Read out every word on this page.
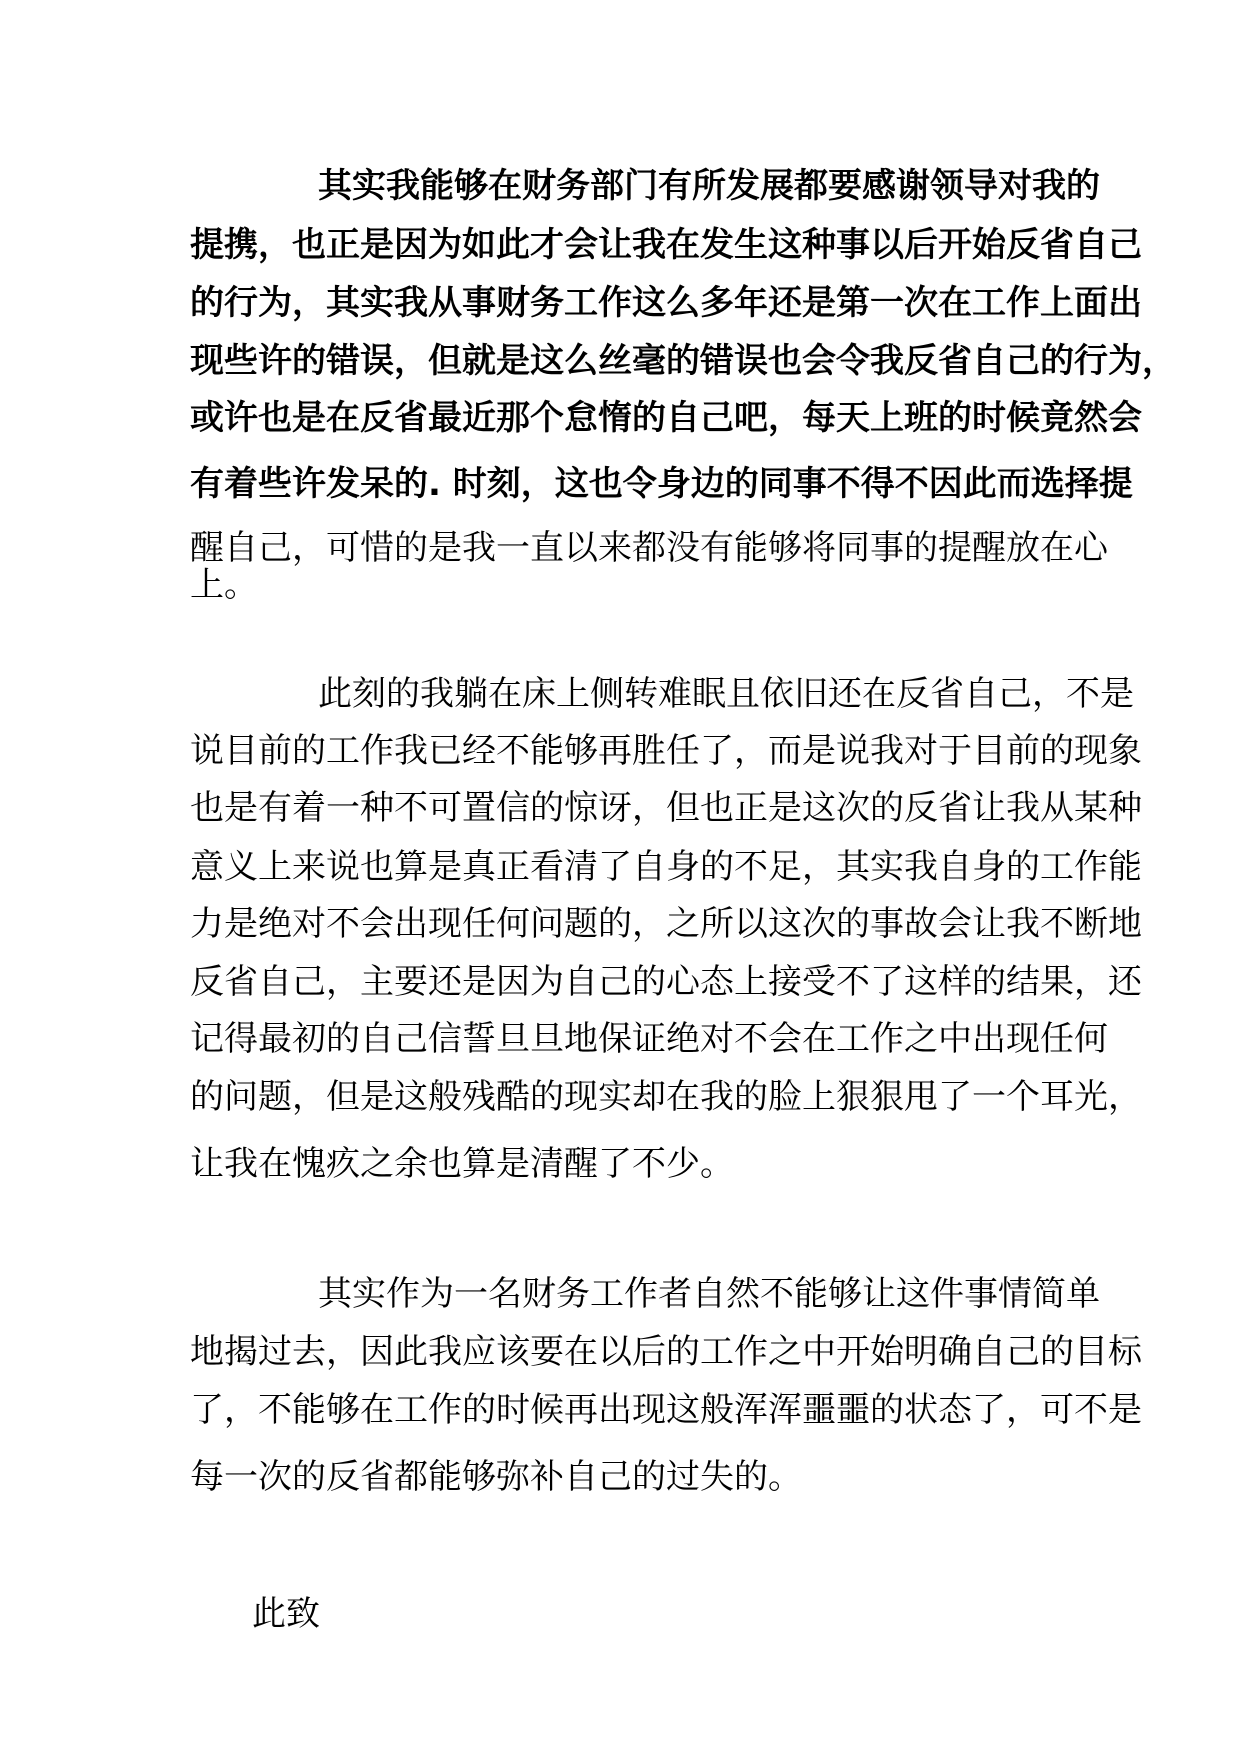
其实我能够在财务部门有所发展都要感谢领导对我的
提携，也正是因为如此才会让我在发生这种事以后开始反省自己
的行为，其实我从事财务工作这么多年还是第一次在工作上面出
现些许的错误，但就是这么丝毫的错误也会令我反省自己的行为，
或许也是在反省最近那个怠惰的自己吧，每天上班的时候竟然会
有着些许发呆的. 时刻，这也令身边的同事不得不因此而选择提
醒自己，可惜的是我一直以来都没有能够将同事的提醒放在心
上。
此刻的我躺在床上侧转难眠且依旧还在反省自己，不是
说目前的工作我已经不能够再胜任了，而是说我对于目前的现象
也是有着一种不可置信的惊讶，但也正是这次的反省让我从某种
意义上来说也算是真正看清了自身的不足，其实我自身的工作能
力是绝对不会出现任何问题的，之所以这次的事故会让我不断地
反省自己，主要还是因为自己的心态上接受不了这样的结果，还
记得最初的自己信誓旦旦地保证绝对不会在工作之中出现任何
的问题，但是这般残酷的现实却在我的脸上狠狠甩了一个耳光，
让我在愧疚之余也算是清醒了不少。
其实作为一名财务工作者自然不能够让这件事情简单
地揭过去，因此我应该要在以后的工作之中开始明确自己的目标
了，不能够在工作的时候再出现这般浑浑噩噩的状态了，可不是
每一次的反省都能够弥补自己的过失的。
此致
